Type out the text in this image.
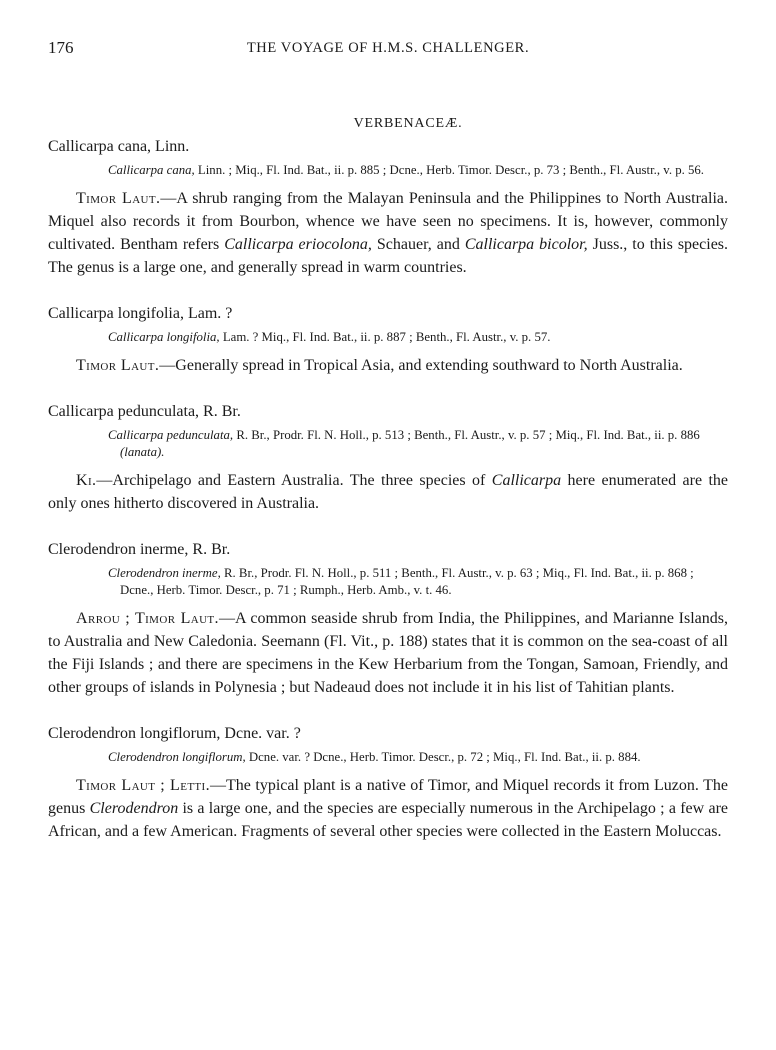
176	THE VOYAGE OF H.M.S. CHALLENGER.
VERBENACEÆ.

Callicarpa cana, Linn.

Callicarpa cana, Linn. ; Miq., Fl. Ind. Bat., ii. p. 885 ; Dcne., Herb. Timor. Descr., p. 73 ; Benth., Fl. Austr., v. p. 56.

Timor Laut.—A shrub ranging from the Malayan Peninsula and the Philippines to North Australia. Miquel also records it from Bourbon, whence we have seen no specimens. It is, however, commonly cultivated. Bentham refers Callicarpa eriocolona, Schauer, and Callicarpa bicolor, Juss., to this species. The genus is a large one, and generally spread in warm countries.

Callicarpa longifolia, Lam. ?

Callicarpa longifolia, Lam. ? Miq., Fl. Ind. Bat., ii. p. 887 ; Benth., Fl. Austr., v. p. 57.

Timor Laut.—Generally spread in Tropical Asia, and extending southward to North Australia.

Callicarpa pedunculata, R. Br.

Callicarpa pedunculata, R. Br., Prodr. Fl. N. Holl., p. 513 ; Benth., Fl. Austr., v. p. 57 ; Miq., Fl. Ind. Bat., ii. p. 886 (lanata).

Ki.—Archipelago and Eastern Australia. The three species of Callicarpa here enumerated are the only ones hitherto discovered in Australia.

Clerodendron inerme, R. Br.

Clerodendron inerme, R. Br., Prodr. Fl. N. Holl., p. 511 ; Benth., Fl. Austr., v. p. 63 ; Miq., Fl. Ind. Bat., ii. p. 868 ; Dcne., Herb. Timor. Descr., p. 71 ; Rumph., Herb. Amb., v. t. 46.

Arrou ; Timor Laut.—A common seaside shrub from India, the Philippines, and Marianne Islands, to Australia and New Caledonia. Seemann (Fl. Vit., p. 188) states that it is common on the sea-coast of all the Fiji Islands ; and there are specimens in the Kew Herbarium from the Tongan, Samoan, Friendly, and other groups of islands in Polynesia ; but Nadeaud does not include it in his list of Tahitian plants.

Clerodendron longiflorum, Dcne. var. ?

Clerodendron longiflorum, Dcne. var. ? Dcne., Herb. Timor. Descr., p. 72 ; Miq., Fl. Ind. Bat., ii. p. 884.

Timor Laut ; Letti.—The typical plant is a native of Timor, and Miquel records it from Luzon. The genus Clerodendron is a large one, and the species are especially numerous in the Archipelago ; a few are African, and a few American. Fragments of several other species were collected in the Eastern Moluccas.
